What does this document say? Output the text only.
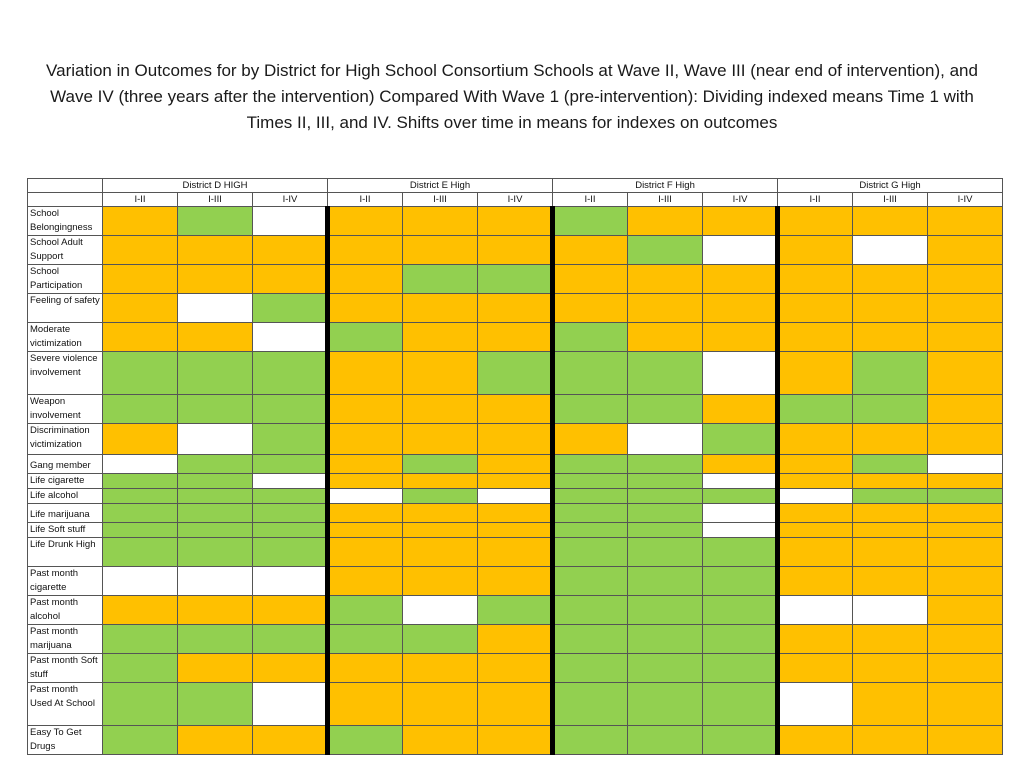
Variation in Outcomes for by District for High School Consortium Schools at Wave II, Wave III (near end of intervention), and Wave IV (three years after the intervention) Compared With Wave 1 (pre-intervention): Dividing indexed means Time 1 with Times II, III, and IV. Shifts over time in means for indexes on outcomes
	District D HIGH			District E High			District F High			District G High		
	I-II	I-III	I-IV	I-II	I-III	I-IV	I-II	I-III	I-IV	I-II	I-III	I-IV
School Belongingness												
School Adult Support												
School Participation												
Feeling of safety												
Moderate victimization												
Severe violence involvement												
Weapon involvement												
Discrimination victimization												
Gang member												
Life cigarette												
Life alcohol												
Life marijuana												
Life Soft stuff												
Life Drunk High												
Past month cigarette												
Past month alcohol												
Past month marijuana												
Past month Soft stuff												
Past month Used At School												
Easy To Get Drugs												
